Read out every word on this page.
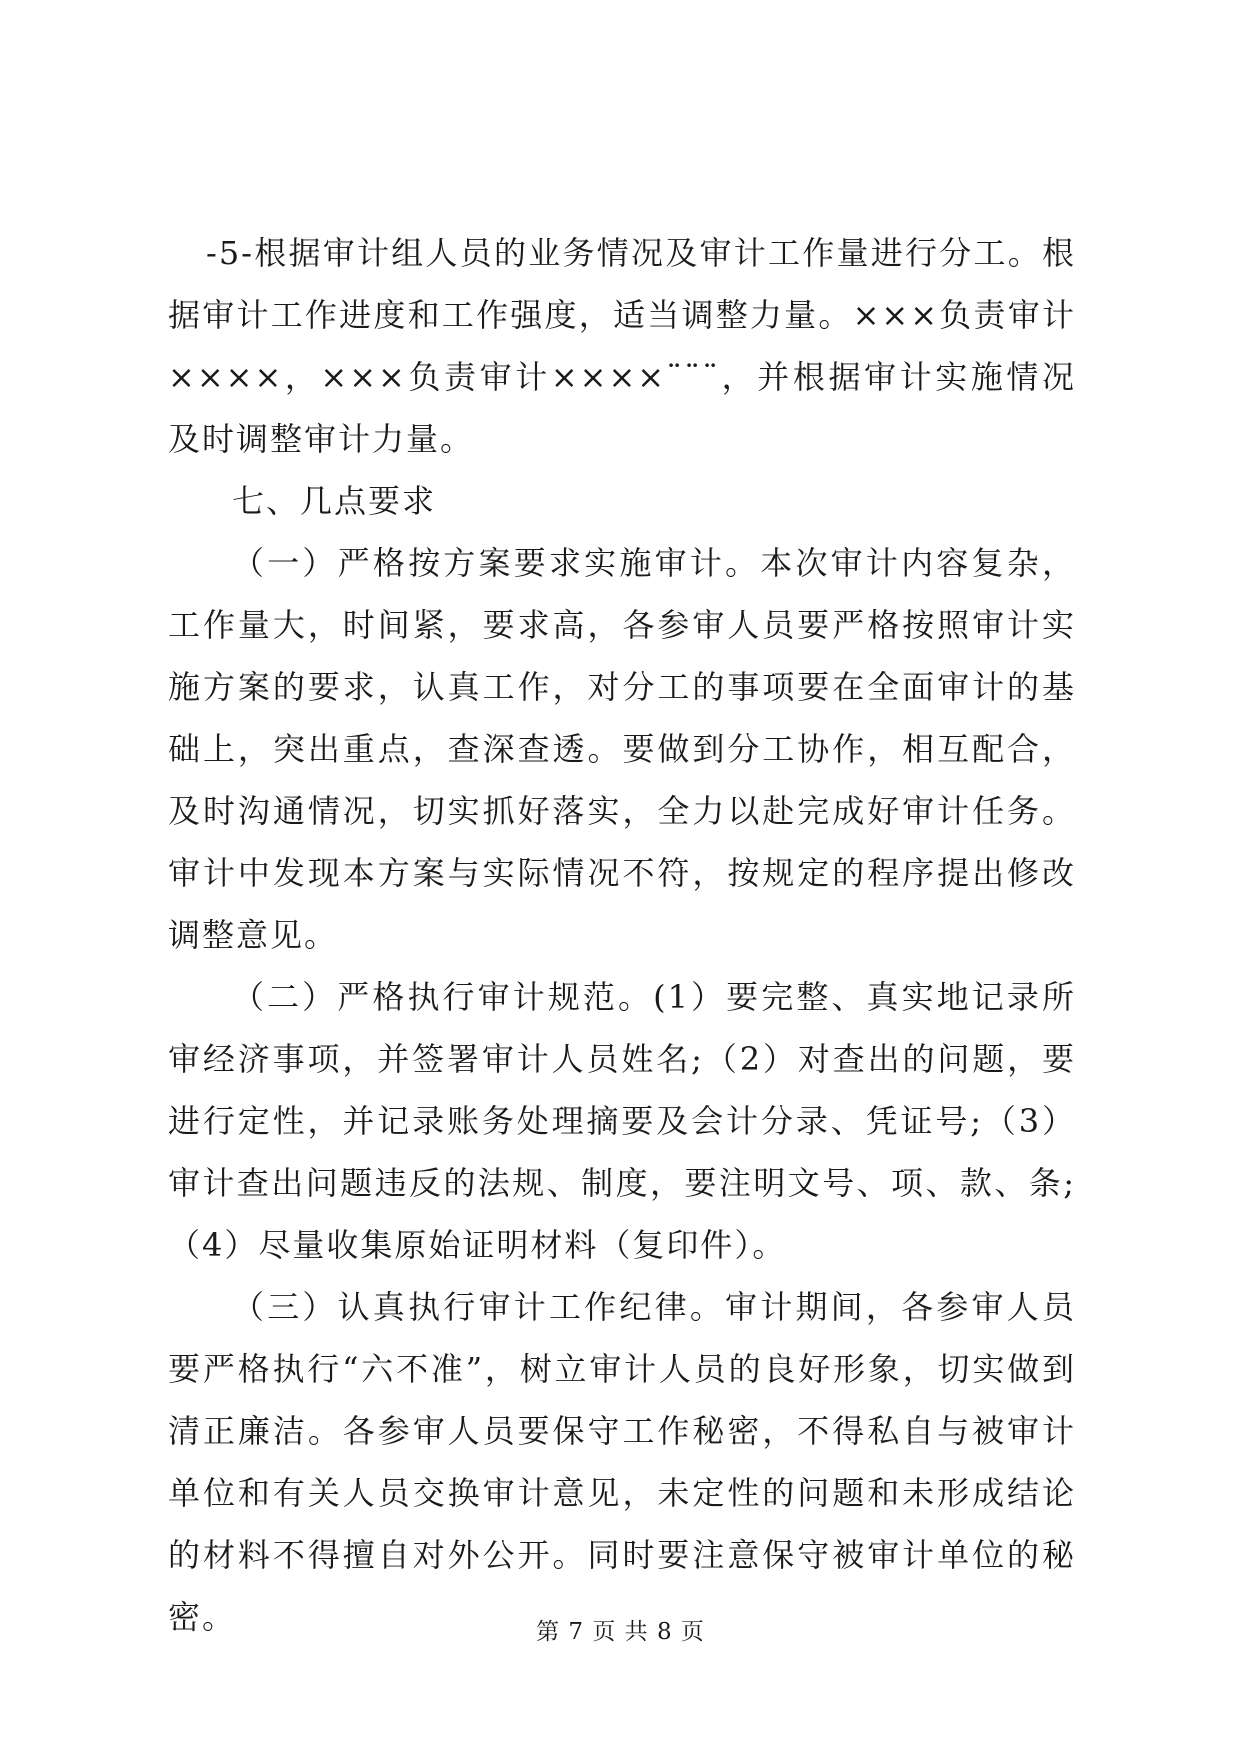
-5-根据审计组人员的业务情况及审计工作量进行分工。根据审计工作进度和工作强度，适当调整力量。×××负责审计××××，×××负责审计××××¨¨¨，并根据审计实施情况及时调整审计力量。

七、几点要求

（一）严格按方案要求实施审计。本次审计内容复杂，工作量大，时间紧，要求高，各参审人员要严格按照审计实施方案的要求，认真工作，对分工的事项要在全面审计的基础上，突出重点，查深查透。要做到分工协作，相互配合，及时沟通情况，切实抓好落实，全力以赴完成好审计任务。审计中发现本方案与实际情况不符，按规定的程序提出修改调整意见。

（二）严格执行审计规范。(1）要完整、真实地记录所审经济事项，并签署审计人员姓名;（2）对查出的问题，要进行定性，并记录账务处理摘要及会计分录、凭证号;（3）审计查出问题违反的法规、制度，要注明文号、项、款、条;（4）尽量收集原始证明材料（复印件）。

（三）认真执行审计工作纪律。审计期间，各参审人员要严格执行“六不准”，树立审计人员的良好形象，切实做到清正廉洁。各参审人员要保守工作秘密，不得私自与被审计单位和有关人员交换审计意见，未定性的问题和未形成结论的材料不得擅自对外公开。同时要注意保守被审计单位的秘密。	第 7 页 共 8 页
